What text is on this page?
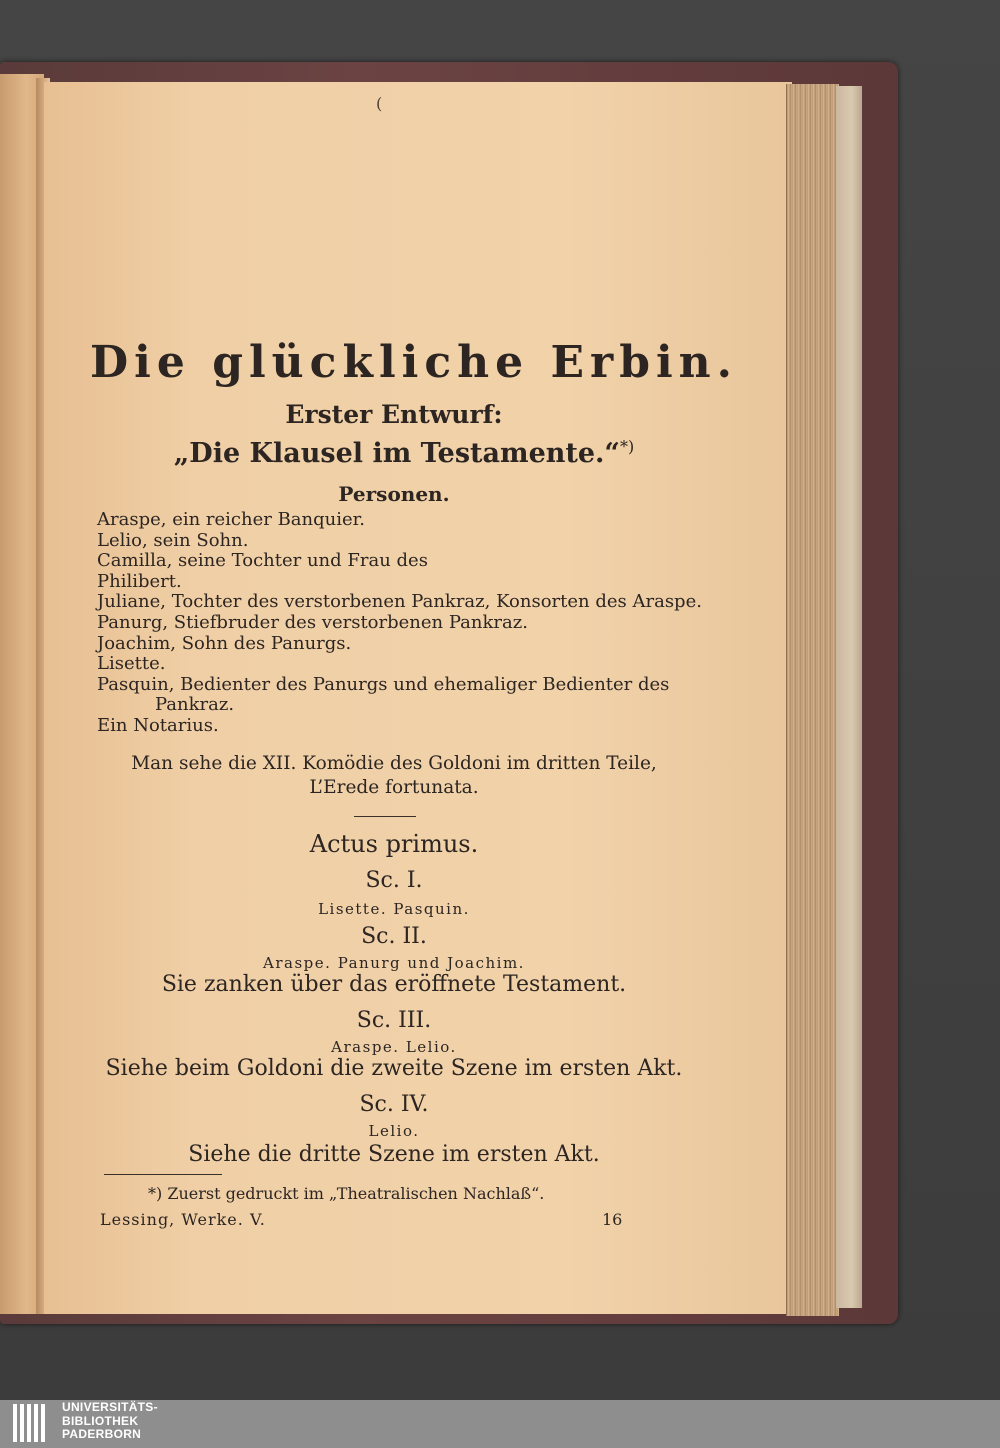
(
Die glückliche Erbin.
Erster Entwurf:
„Die Klausel im Testamente.“*)
Personen.
Araspe, ein reicher Banquier.
Lelio, sein Sohn.
Camilla, seine Tochter und Frau des
Philibert.
Juliane, Tochter des verstorbenen Pankraz, Konsorten des Araspe.
Panurg, Stiefbruder des verstorbenen Pankraz.
Joachim, Sohn des Panurgs.
Lisette.
Pasquin, Bedienter des Panurgs und ehemaliger Bedienter des
Pankraz.
Ein Notarius.
Man sehe die XII. Komödie des Goldoni im dritten Teile,
L’Erede fortunata.
Actus primus.
Sc. I.
Lisette. Pasquin.
Sc. II.
Araspe. Panurg und Joachim.
Sie zanken über das eröffnete Testament.
Sc. III.
Araspe. Lelio.
Siehe beim Goldoni die zweite Szene im ersten Akt.
Sc. IV.
Lelio.
Siehe die dritte Szene im ersten Akt.
*) Zuerst gedruckt im „Theatralischen Nachlaß“.
Lessing, Werke. V.	16
UNIVERSITÄTS-
BIBLIOTHEK
PADERBORN
